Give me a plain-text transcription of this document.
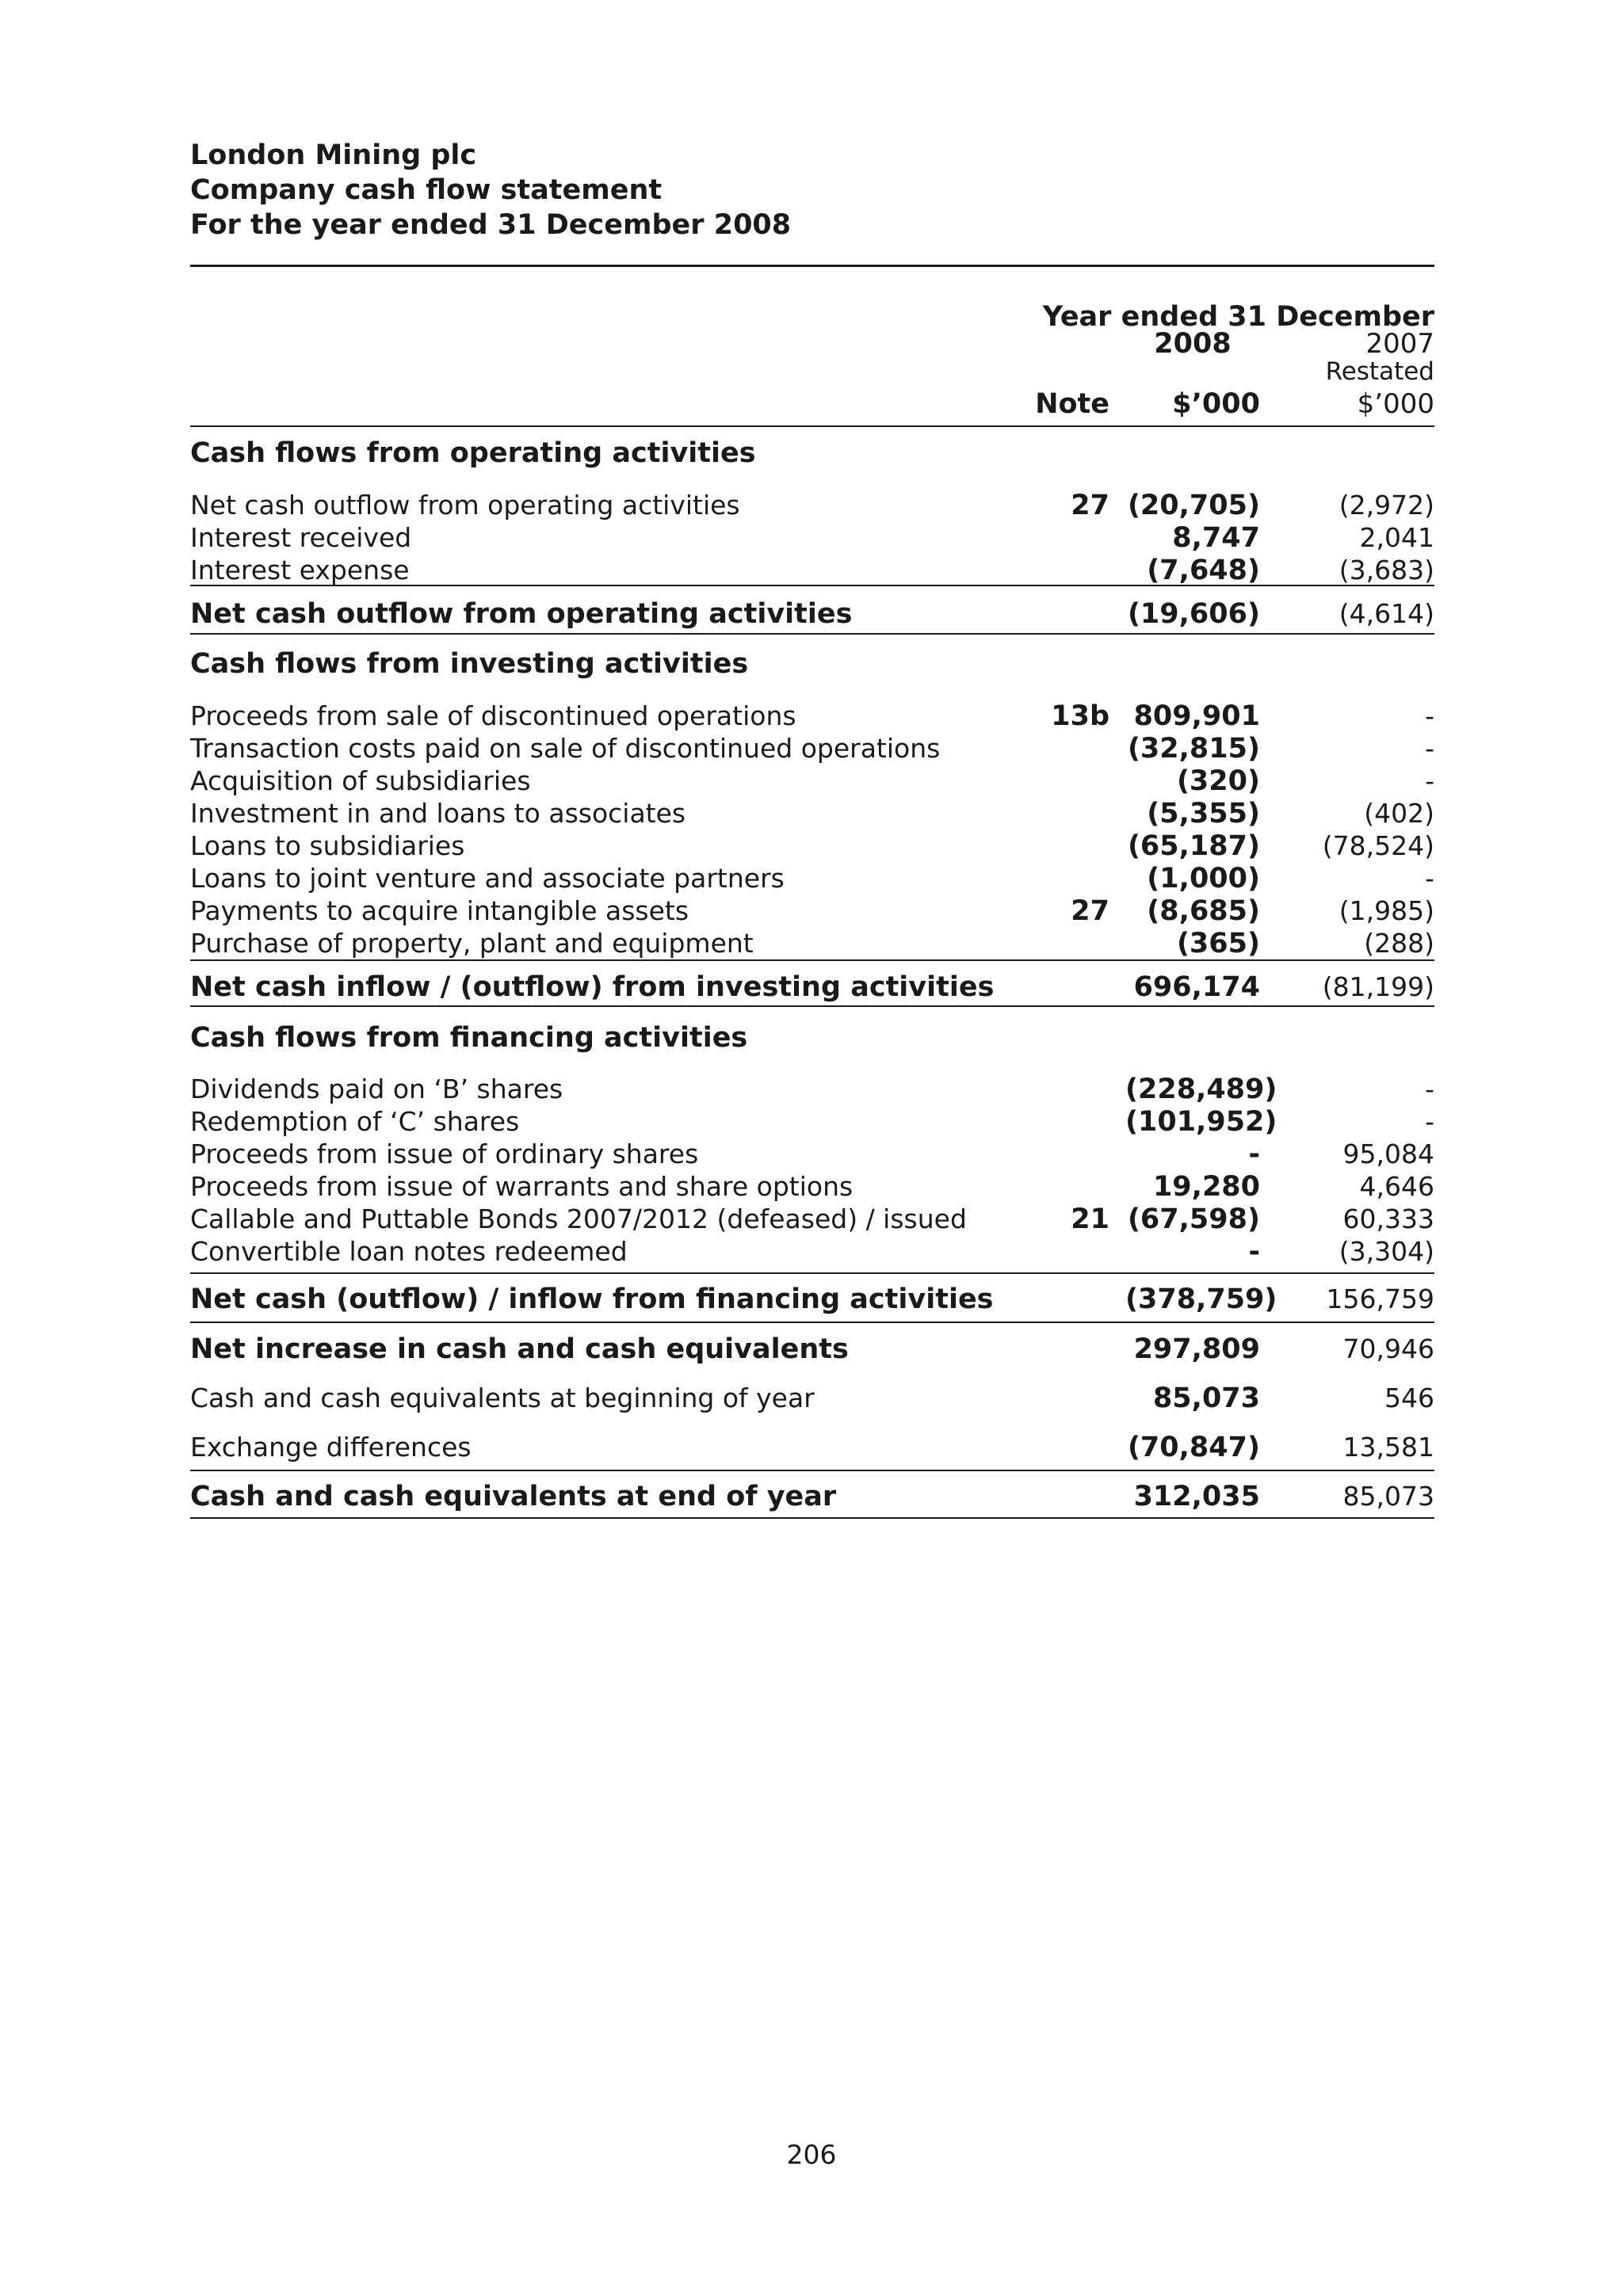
London Mining plc
Company cash flow statement
For the year ended 31 December 2008
Year ended 31 December
2008	2007
Restated
Note	$’000	$’000
Cash flows from operating activities
Net cash outflow from operating activities	27 (20,705)	(2,972)
Interest received	8,747	2,041
Interest expense	(7,648)	(3,683)
Net cash outflow from operating activities	(19,606)	(4,614)
Cash flows from investing activities
Proceeds from sale of discontinued operations	13b 809,901	-
Transaction costs paid on sale of discontinued operations	(32,815)	-
Acquisition of subsidiaries	(320)	-
Investment in and loans to associates	(5,355)	(402)
Loans to subsidiaries	(65,187)	(78,524)
Loans to joint venture and associate partners	(1,000)	-
Payments to acquire intangible assets	27	(8,685)	(1,985)
Purchase of property, plant and equipment	(365)	(288)
Net cash inflow / (outflow) from investing activities	696,174	(81,199)
Cash flows from financing activities
Dividends paid on ‘B’ shares	(228,489)	-
Redemption of ‘C’ shares	(101,952)	-
Proceeds from issue of ordinary shares	-	95,084
Proceeds from issue of warrants and share options	19,280	4,646
Callable and Puttable Bonds 2007/2012 (defeased) / issued	21 (67,598)	60,333
Convertible loan notes redeemed	-	(3,304)
Net cash (outflow) / inflow from financing activities	(378,759)	156,759
Net increase in cash and cash equivalents	297,809	70,946
Cash and cash equivalents at beginning of year	85,073	546
Exchange differences	(70,847)	13,581
Cash and cash equivalents at end of year	312,035	85,073
206
